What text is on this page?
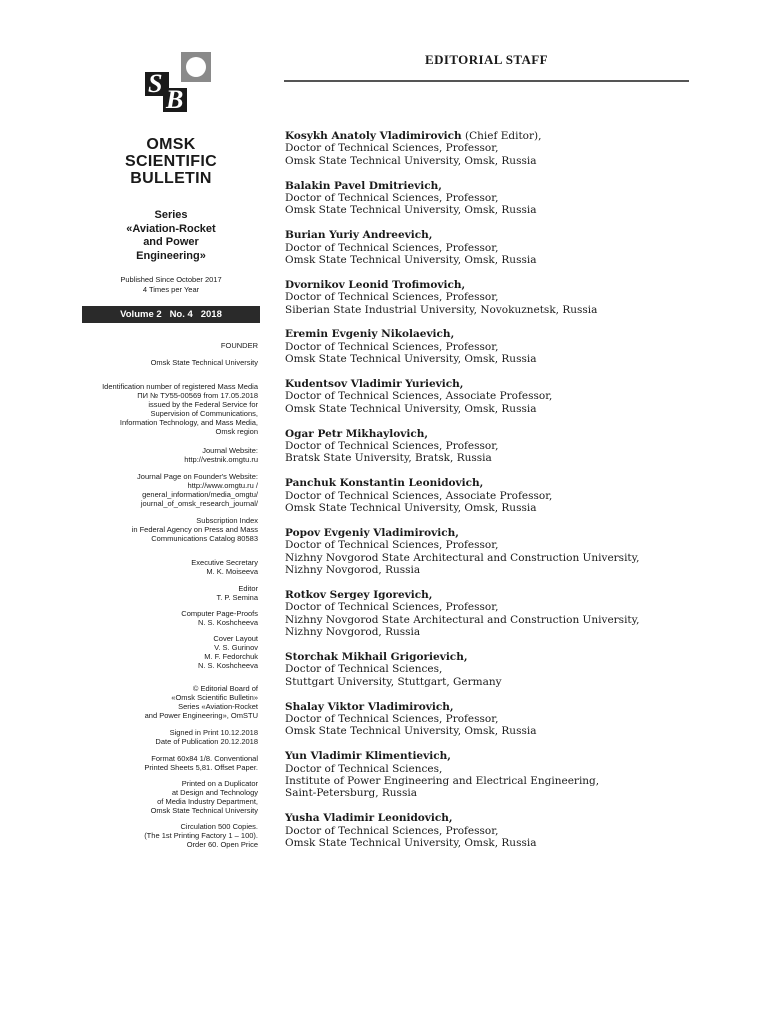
S
B
OMSK
SCIENTIFIC
BULLETIN
Series
«Aviation-Rocket
and Power
Engineering»
Published Since October 2017
4 Times per Year
Volume 2   No. 4   2018
FOUNDER
Omsk State Technical University
Identification number of registered Mass Media
ПИ № ТУ55-00569 from 17.05.2018
issued by the Federal Service for
Supervision of Communications,
Information Technology, and Mass Media,
Omsk region
Journal Website:
http://vestnik.omgtu.ru
Journal Page on Founder's Website:
http://www.omgtu.ru /
general_information/media_omgtu/
journal_of_omsk_research_journal/
Subscription Index
in Federal Agency on Press and Mass
Communications Catalog 80583
Executive Secretary
M. K. Moiseeva
Editor
T. P. Semina
Computer Page-Proofs
N. S. Koshcheeva
Cover Layout
V. S. Gurinov
M. F. Fedorchuk
N. S. Koshcheeva
© Editorial Board of
«Omsk Scientific Bulletin»
Series «Aviation-Rocket
and Power Engineering», OmSTU
Signed in Print 10.12.2018
Date of Publication 20.12.2018
Format 60x84 1/8. Conventional
Printed Sheets 5,81. Offset Paper.
Printed on a Duplicator
at Design and Technology
of Media Industry Department,
Omsk State Technical University
Circulation 500 Copies.
(The 1st Printing Factory 1 – 100).
Order 60. Open Price
EDITORIAL STAFF
Kosykh Anatoly Vladimirovich (Chief Editor),
Doctor of Technical Sciences, Professor,
Omsk State Technical University, Omsk, Russia
Balakin Pavel Dmitrievich,
Doctor of Technical Sciences, Professor,
Omsk State Technical University, Omsk, Russia
Burian Yuriy Andreevich,
Doctor of Technical Sciences, Professor,
Omsk State Technical University, Omsk, Russia
Dvornikov Leonid Trofimovich,
Doctor of Technical Sciences, Professor,
Siberian State Industrial University, Novokuznetsk, Russia
Eremin Evgeniy Nikolaevich,
Doctor of Technical Sciences, Professor,
Omsk State Technical University, Omsk, Russia
Kudentsov Vladimir Yurievich,
Doctor of Technical Sciences, Associate Professor,
Omsk State Technical University, Omsk, Russia
Ogar Petr Mikhaylovich,
Doctor of Technical Sciences, Professor,
Bratsk State University, Bratsk, Russia
Panchuk Konstantin Leonidovich,
Doctor of Technical Sciences, Associate Professor,
Omsk State Technical University, Omsk, Russia
Popov Evgeniy Vladimirovich,
Doctor of Technical Sciences, Professor,
Nizhny Novgorod State Architectural and Construction University,
Nizhny Novgorod, Russia
Rotkov Sergey Igorevich,
Doctor of Technical Sciences, Professor,
Nizhny Novgorod State Architectural and Construction University,
Nizhny Novgorod, Russia
Storchak Mikhail Grigorievich,
Doctor of Technical Sciences,
Stuttgart University, Stuttgart, Germany
Shalay Viktor Vladimirovich,
Doctor of Technical Sciences, Professor,
Omsk State Technical University, Omsk, Russia
Yun Vladimir Klimentievich,
Doctor of Technical Sciences,
Institute of Power Engineering and Electrical Engineering,
Saint-Petersburg, Russia
Yusha Vladimir Leonidovich,
Doctor of Technical Sciences, Professor,
Omsk State Technical University, Omsk, Russia
